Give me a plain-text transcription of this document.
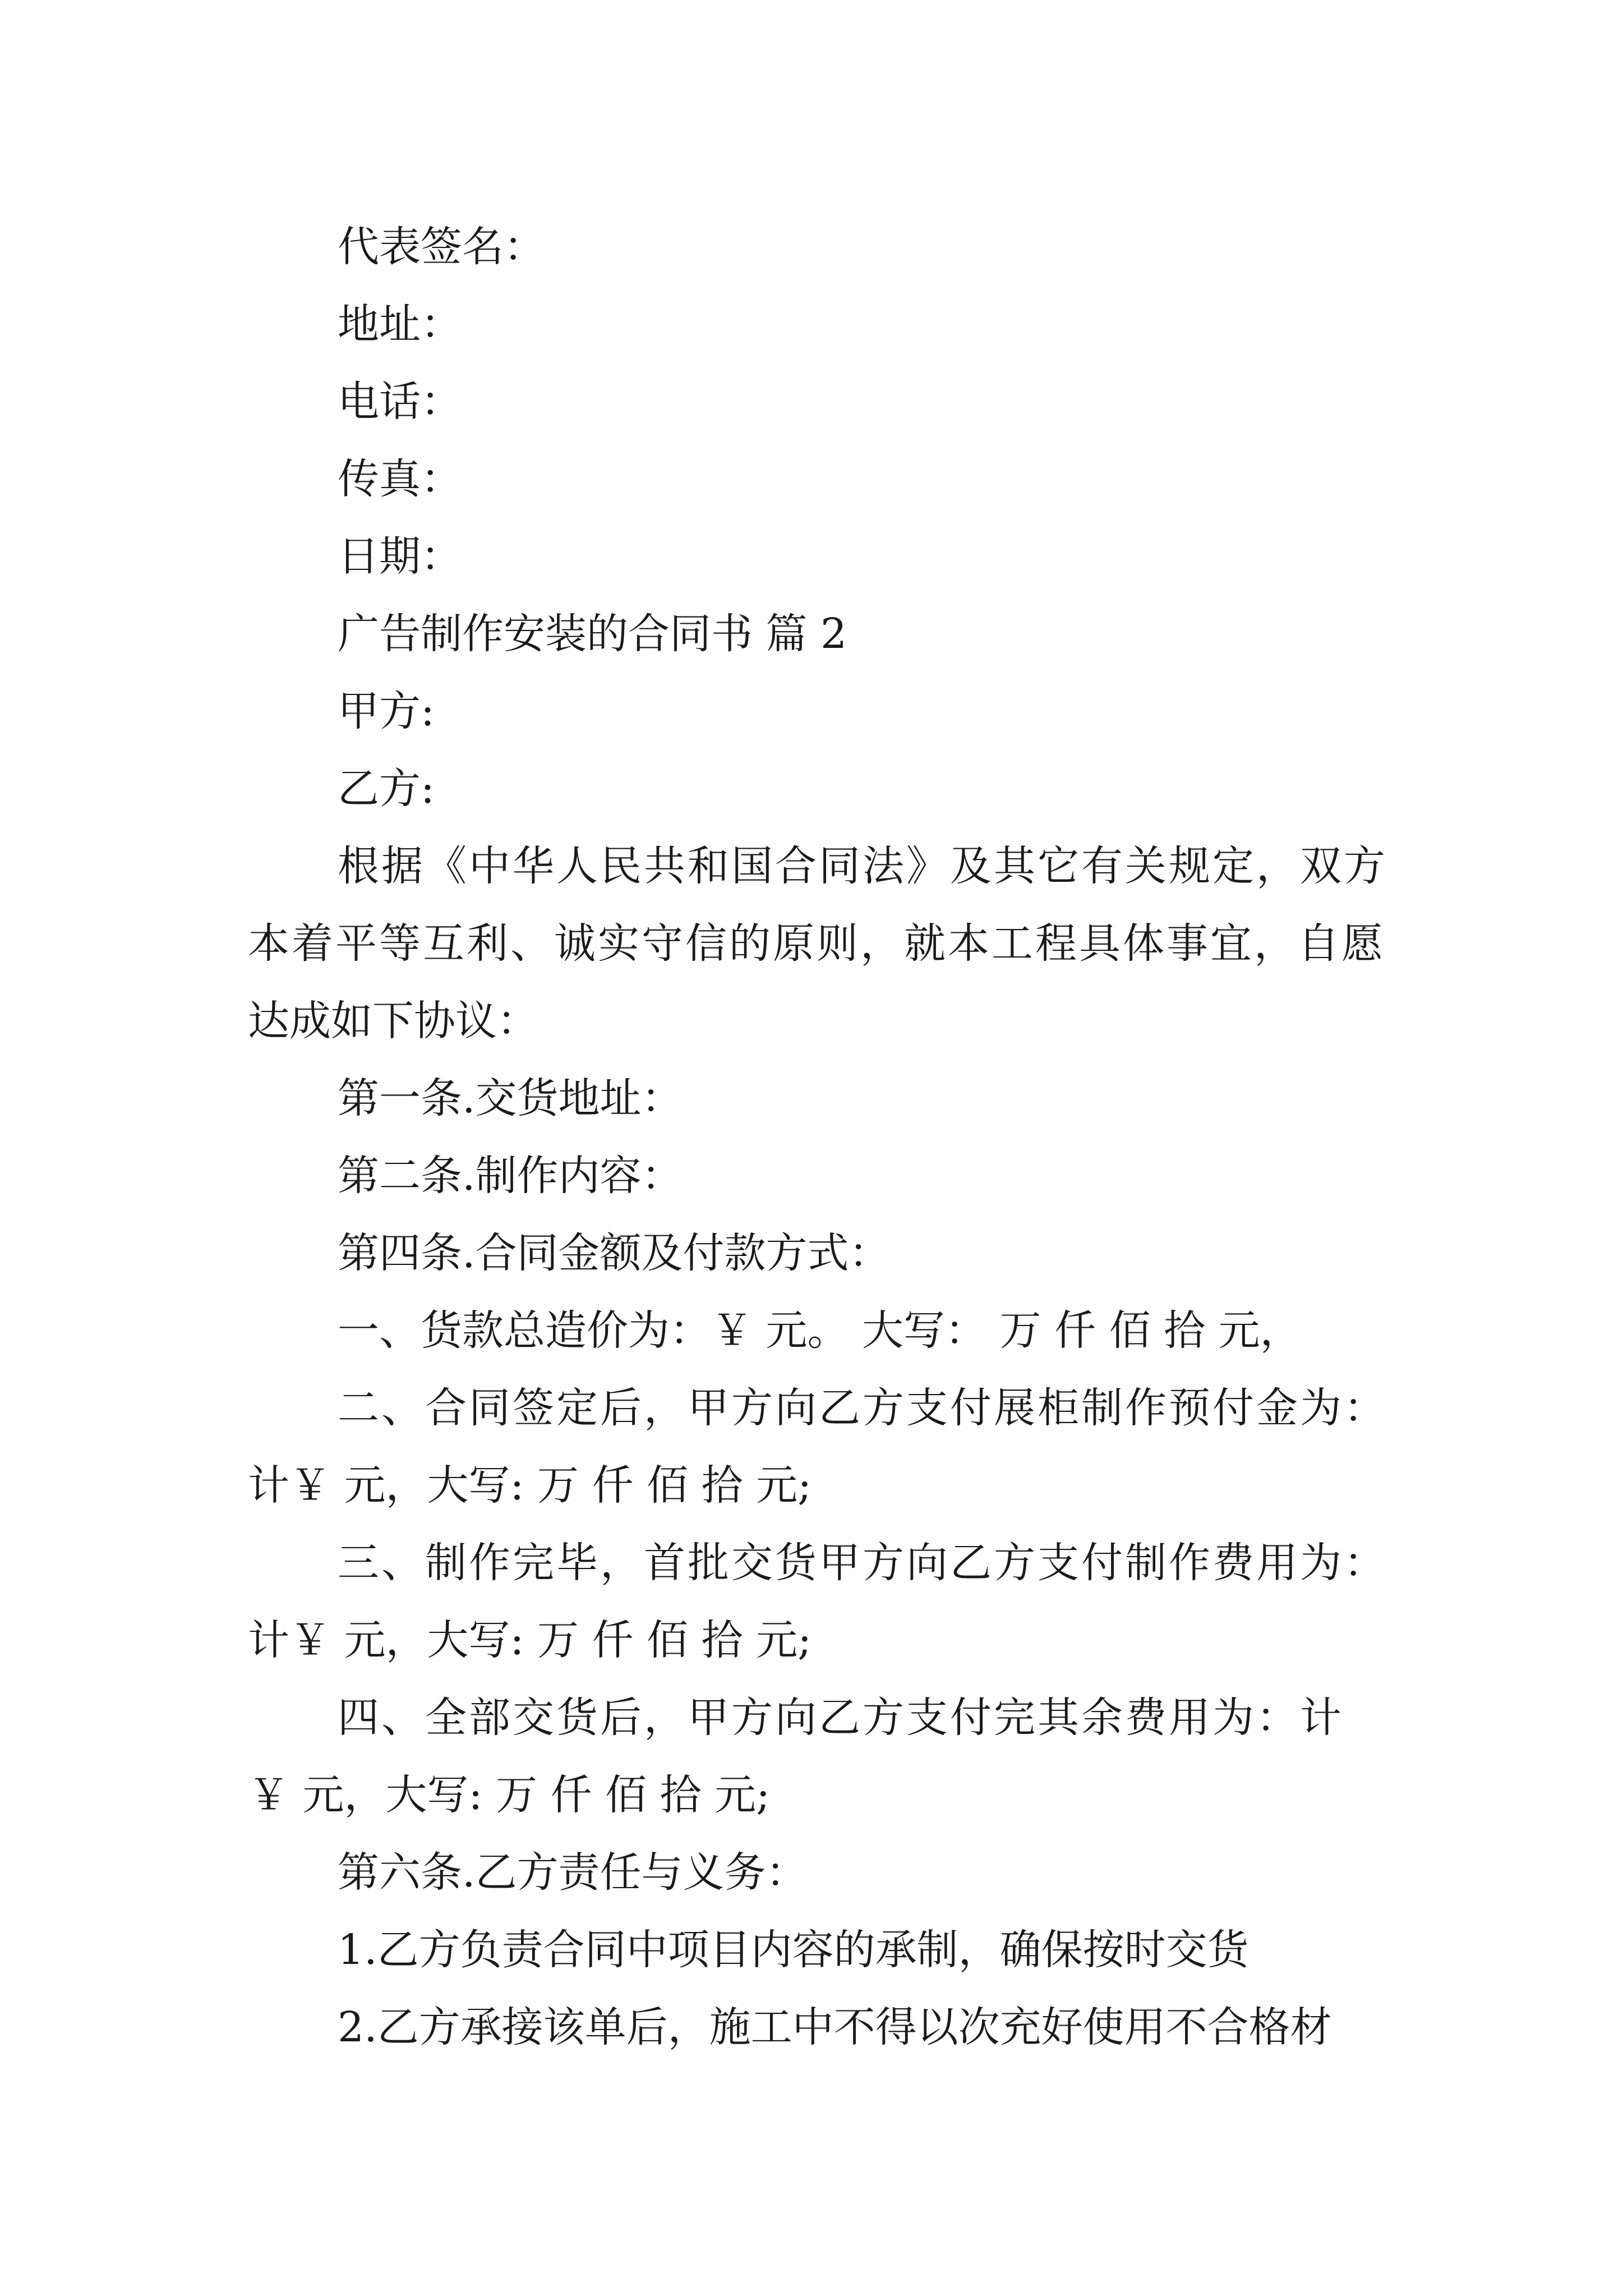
代表签名：
地址：
电话：
传真：
日期：
广告制作安装的合同书 篇 2
甲方:
乙方:
根据《中华人民共和国合同法》及其它有关规定，双方
本着平等互利、诚实守信的原则，就本工程具体事宜，自愿
达成如下协议：
第一条.交货地址：
第二条.制作内容：
第四条.合同金额及付款方式：
一、货款总造价为：￥ 元。 大写： 万 仟 佰 拾 元，
二、合同签定后，甲方向乙方支付展柜制作预付金为：
计￥ 元，大写: 万 仟 佰 拾 元;
三、制作完毕，首批交货甲方向乙方支付制作费用为：
计￥ 元，大写: 万 仟 佰 拾 元;
四、全部交货后，甲方向乙方支付完其余费用为：计
￥ 元，大写: 万 仟 佰 拾 元;
第六条.乙方责任与义务：
1.乙方负责合同中项目内容的承制，确保按时交货
2.乙方承接该单后，施工中不得以次充好使用不合格材
